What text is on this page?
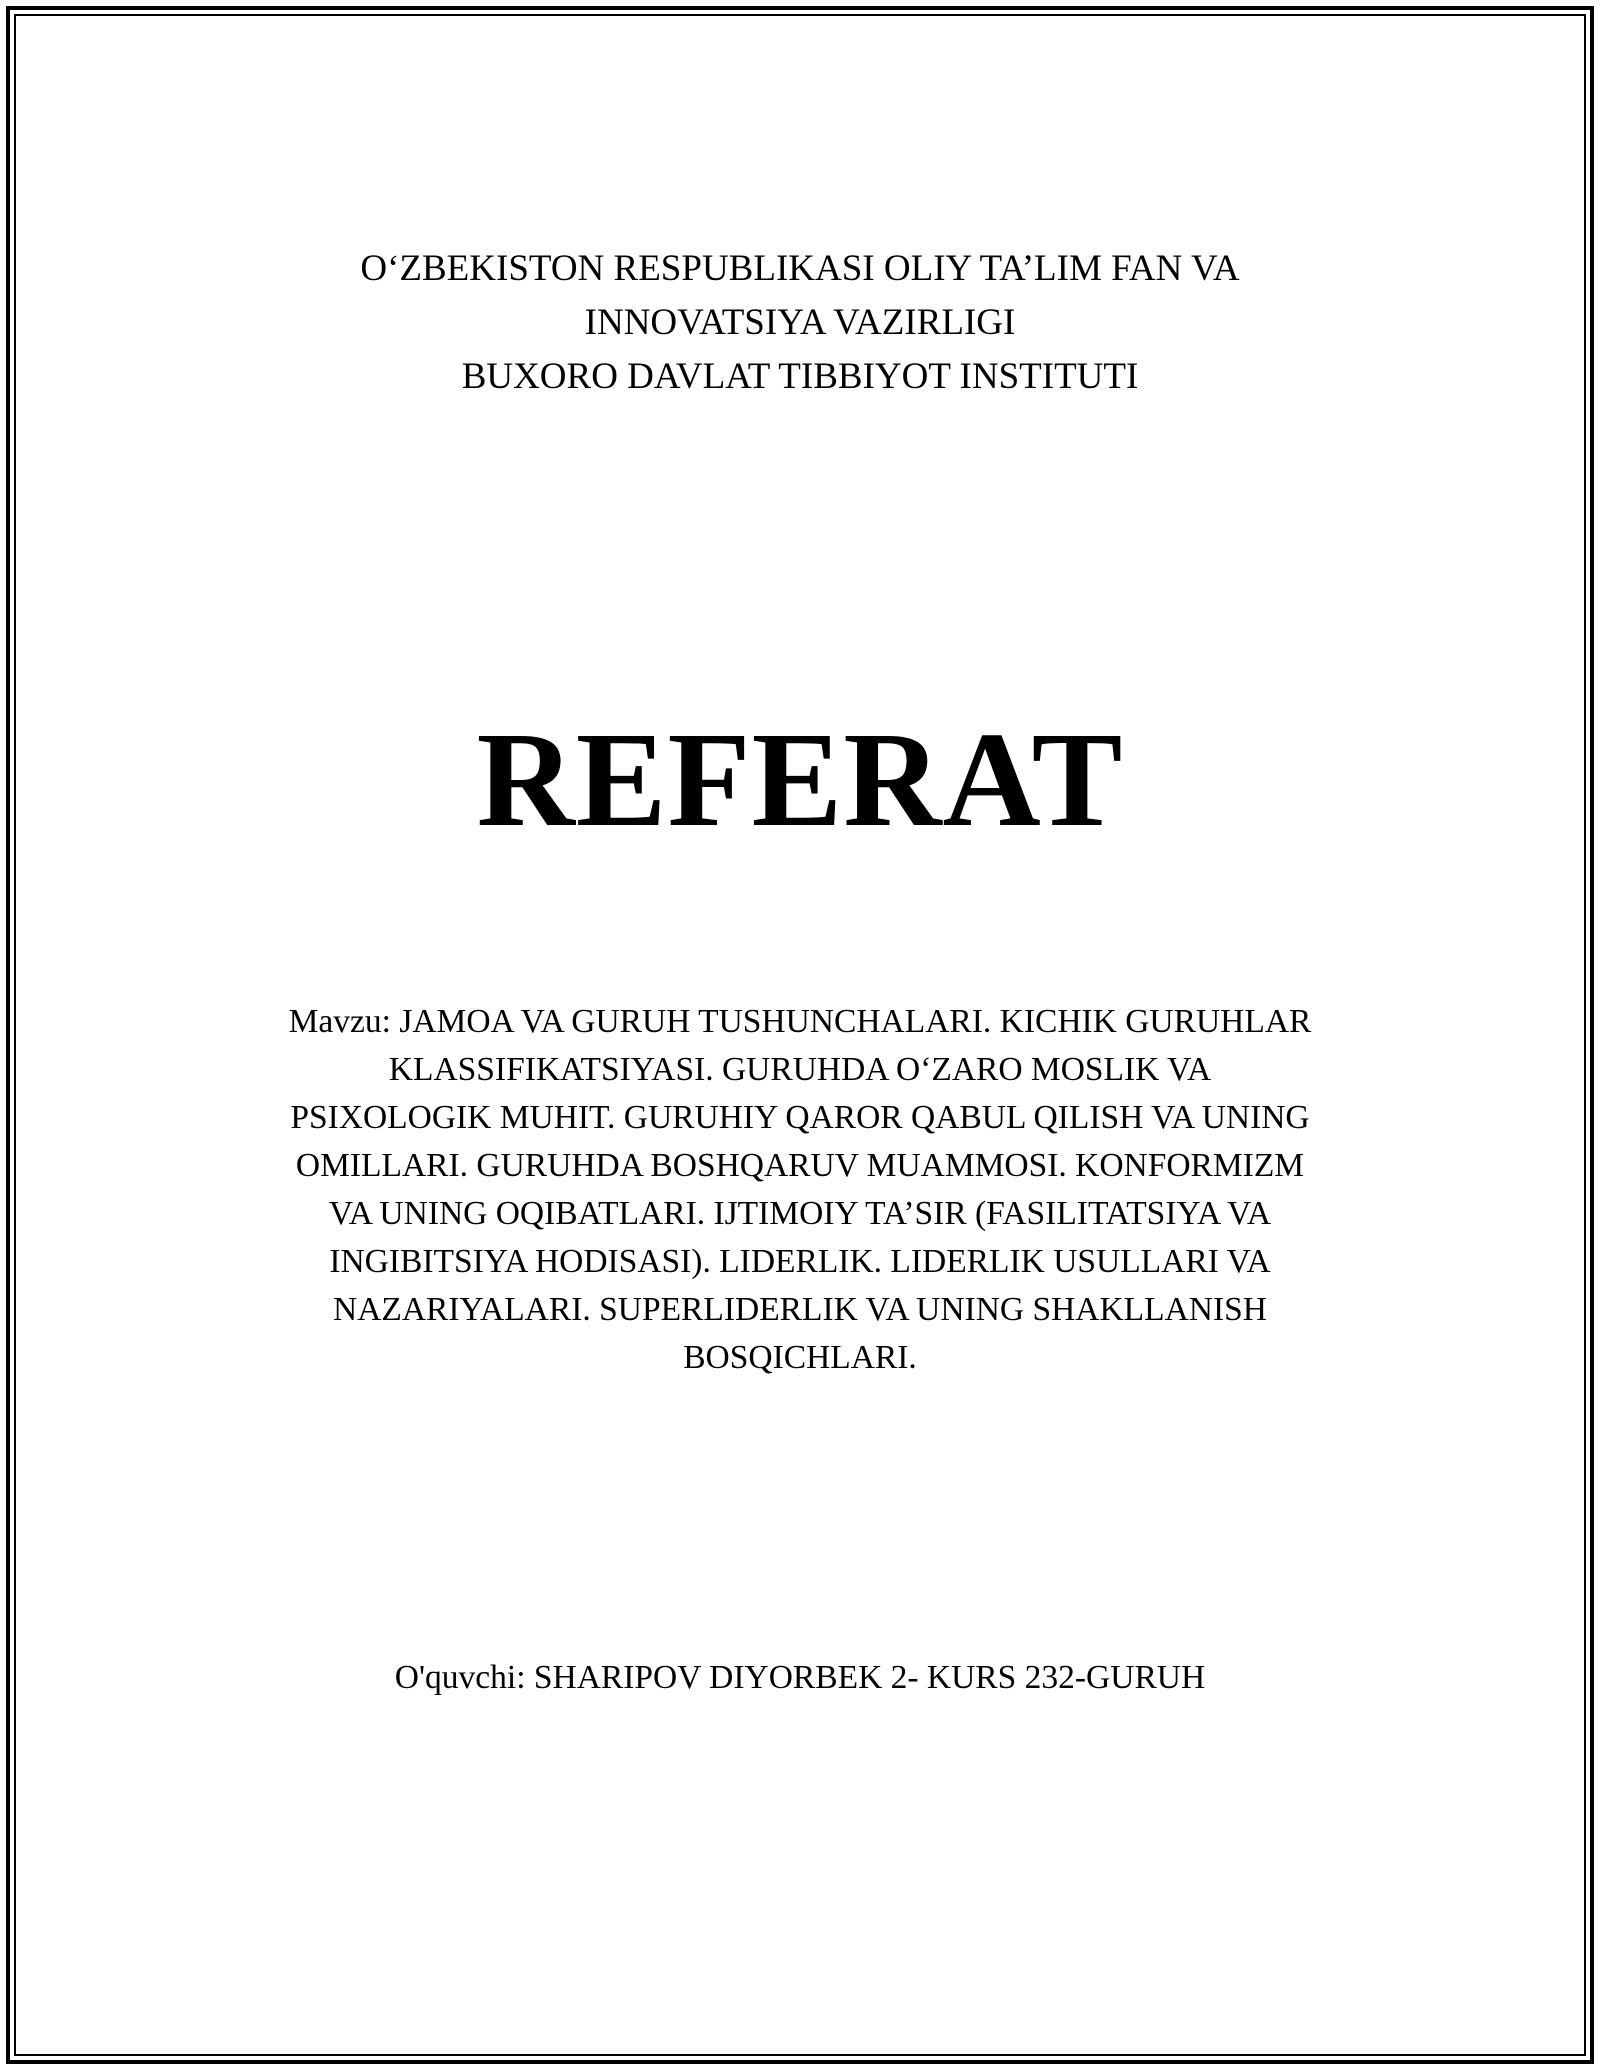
O‘ZBEKISTON RESPUBLIKASI OLIY TA’LIM FAN VA
INNOVATSIYA VAZIRLIGI
BUXORO DAVLAT TIBBIYOT INSTITUTI
REFERAT
Mavzu: JAMOA VA GURUH TUSHUNCHALARI. KICHIK GURUHLAR
KLASSIFIKATSIYASI. GURUHDA O‘ZARO MOSLIK VA
PSIXOLOGIK MUHIT. GURUHIY QAROR QABUL QILISH VA UNING
OMILLARI. GURUHDA BOSHQARUV MUAMMOSI. KONFORMIZM
VA UNING OQIBATLARI. IJTIMOIY TA’SIR (FASILITATSIYA VA
INGIBITSIYA HODISASI). LIDERLIK. LIDERLIK USULLARI VA
NAZARIYALARI. SUPERLIDERLIK VA UNING SHAKLLANISH
BOSQICHLARI.
O'quvchi: SHARIPOV DIYORBEK 2- KURS 232-GURUH
